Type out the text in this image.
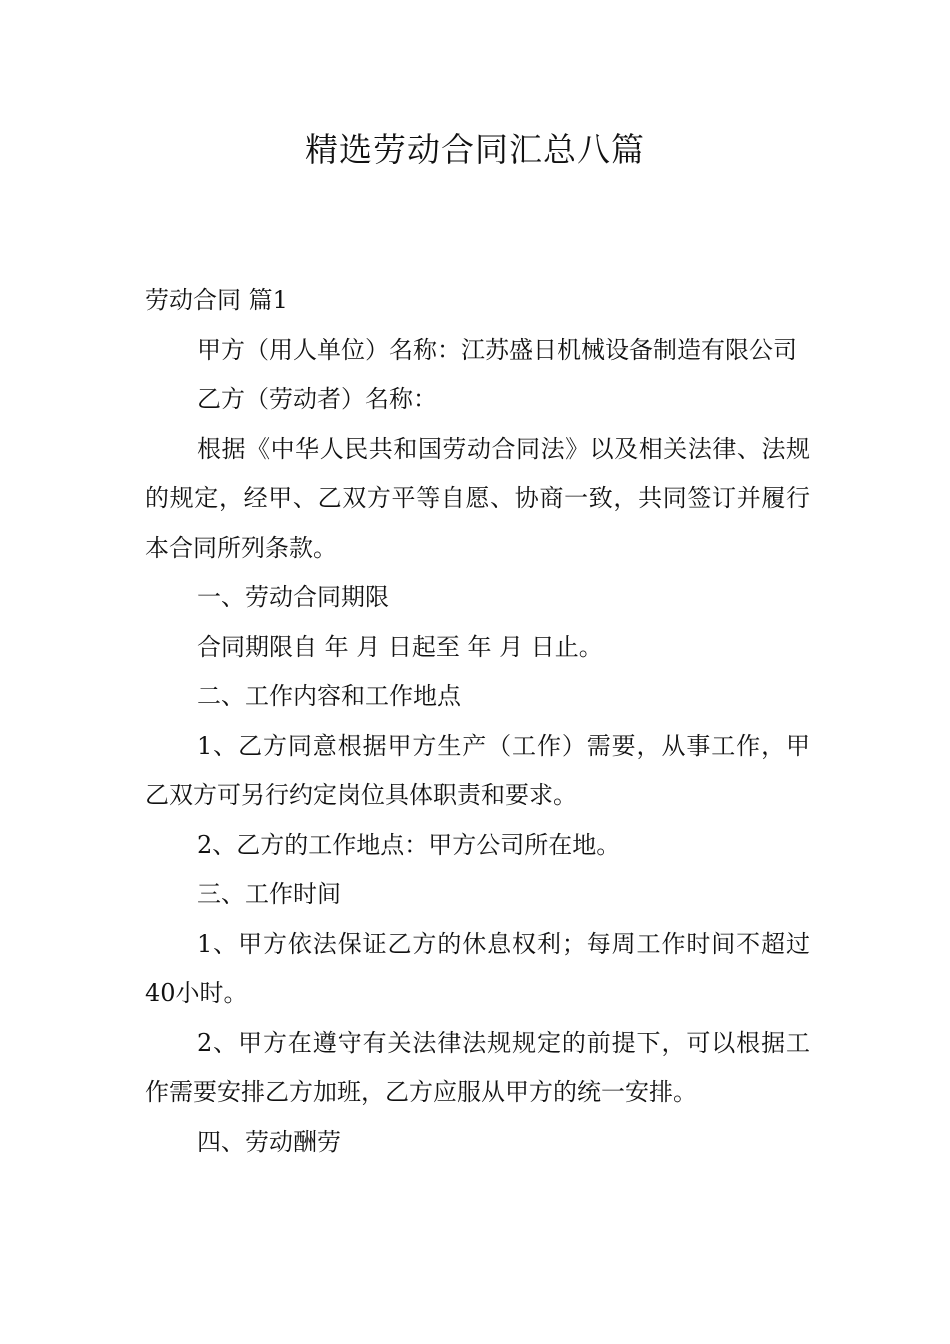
精选劳动合同汇总八篇

劳动合同 篇1

甲方（用人单位）名称：江苏盛日机械设备制造有限公司

乙方（劳动者）名称：

根据《中华人民共和国劳动合同法》以及相关法律、法规的规定，经甲、乙双方平等自愿、协商一致，共同签订并履行本合同所列条款。

一、劳动合同期限

合同期限自 年 月 日起至 年 月 日止。

二、工作内容和工作地点

1、乙方同意根据甲方生产（工作）需要，从事工作，甲乙双方可另行约定岗位具体职责和要求。

2、乙方的工作地点：甲方公司所在地。

三、工作时间

1、甲方依法保证乙方的休息权利；每周工作时间不超过40小时。

2、甲方在遵守有关法律法规规定的前提下，可以根据工作需要安排乙方加班，乙方应服从甲方的统一安排。

四、劳动酬劳
